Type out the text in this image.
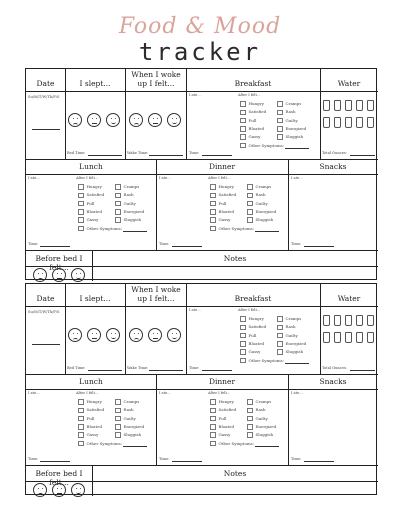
Food & Mood
tracker
Date	I slept...
When I woke up I felt...	Breakfast	Water
Su/M/T/W/Th/F/S
Bed Time:	Wake Time:
I ate...	After I felt...
Time:
Hungry	Cramps
Satisfied	Rash
Full	Guilty
Bloated	Energized
Gassy	Sluggish
Other Symptoms:
Total Ounces:
Lunch	Dinner	Snacks
I ate...	After I felt...
Time:
Hungry	Cramps
Satisfied	Rash
Full	Guilty
Bloated	Energized
Gassy	Sluggish
Other Symptoms:
I ate...	After I felt...
Time:
Hungry	Cramps
Satisfied	Rash
Full	Guilty
Bloated	Energized
Gassy	Sluggish
Other Symptoms:
I ate...
Time:
Before bed I felt...
Notes
Date	I slept...
When I woke up I felt...	Breakfast	Water
Su/M/T/W/Th/F/S
Bed Time:	Wake Time:
I ate...	After I felt...
Time:
Hungry	Cramps
Satisfied	Rash
Full	Guilty
Bloated	Energized
Gassy	Sluggish
Other Symptoms:
Total Ounces:
Lunch	Dinner	Snacks
I ate...	After I felt...
Time:
Hungry	Cramps
Satisfied	Rash
Full	Guilty
Bloated	Energized
Gassy	Sluggish
Other Symptoms:
I ate...	After I felt...
Time:
Hungry	Cramps
Satisfied	Rash
Full	Guilty
Bloated	Energized
Gassy	Sluggish
Other Symptoms:
I ate...
Time:
Before bed I felt...
Notes
